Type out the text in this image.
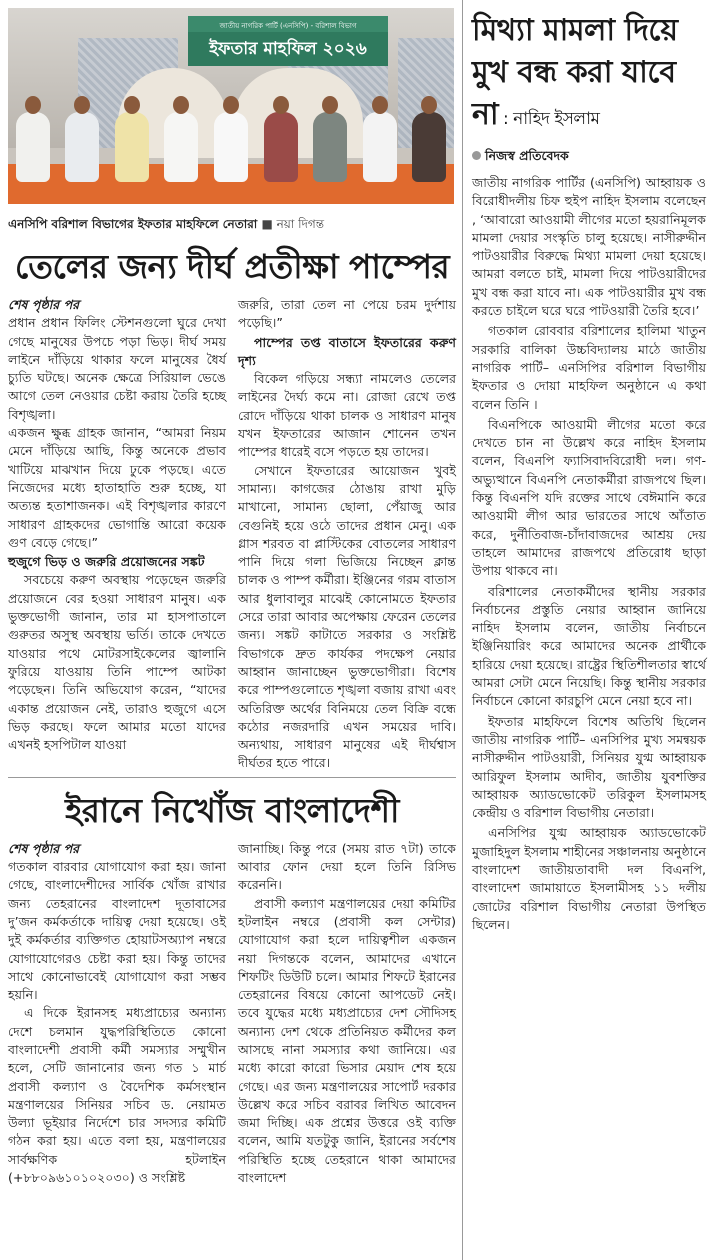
জাতীয় নাগরিক পার্টি (এনসিপি) - বরিশাল বিভাগ
ইফতার মাহফিল ২০২৬
এনসিপি বরিশাল বিভাগের ইফতার মাহফিলে নেতারা ■ নয়া দিগন্ত
তেলের জন্য দীর্ঘ প্রতীক্ষা পাম্পের

শেষ পৃষ্ঠার পর

প্রধান প্রধান ফিলিং স্টেশনগুলো ঘুরে দেখা গেছে মানুষের উপচে পড়া ভিড়। দীর্ঘ সময় লাইনে দাঁড়িয়ে থাকার ফলে মানুষের ধৈর্য চ্যুতি ঘটছে। অনেক ক্ষেত্রে সিরিয়াল ভেঙে আগে তেল নেওয়ার চেষ্টা করায় তৈরি হচ্ছে বিশৃঙ্খলা।

একজন ক্ষুব্ধ গ্রাহক জানান, “আমরা নিয়ম মেনে দাঁড়িয়ে আছি, কিন্তু অনেকে প্রভাব খাটিয়ে মাঝখান দিয়ে ঢুকে পড়ছে। এতে নিজেদের মধ্যে হাতাহাতি শুরু হচ্ছে, যা অত্যন্ত হতাশাজনক। এই বিশৃঙ্খলার কারণে সাধারণ গ্রাহকদের ভোগান্তি আরো কয়েক গুণ বেড়ে গেছে।”

হুজুগে ভিড় ও জরুরি প্রয়োজনের সঙ্কট

সবচেয়ে করুণ অবস্থায় পড়েছেন জরুরি প্রয়োজনে বের হওয়া সাধারণ মানুষ। এক ভুক্তভোগী জানান, তার মা হাসপাতালে গুরুতর অসুস্থ অবস্থায় ভর্তি। তাকে দেখতে যাওয়ার পথে মোটরসাইকেলের জ্বালানি ফুরিয়ে যাওয়ায় তিনি পাম্পে আটকা পড়েছেন। তিনি অভিযোগ করেন, “যাদের একান্ত প্রয়োজন নেই, তারাও হুজুগে এসে ভিড় করছে। ফলে আমার মতো যাদের এখনই হসপিটাল যাওয়া

জরুরি, তারা তেল না পেয়ে চরম দুর্দশায় পড়েছি।”

পাম্পের তপ্ত বাতাসে ইফতারের করুণ দৃশ্য

বিকেল গড়িয়ে সন্ধ্যা নামলেও তেলের লাইনের দৈর্ঘ্য কমে না। রোজা রেখে তপ্ত রোদে দাঁড়িয়ে থাকা চালক ও সাধারণ মানুষ যখন ইফতারের আজান শোনেন তখন পাম্পের ধারেই বসে পড়তে হয় তাদের।

সেখানে ইফতারের আয়োজন খুবই সামান্য। কাগজের ঠোঙায় রাখা মুড়ি মাখানো, সামান্য ছোলা, পেঁয়াজু আর বেগুনিই হয়ে ওঠে তাদের প্রধান মেনু। এক গ্লাস শরবত বা প্লাস্টিকের বোতলের সাধারণ পানি দিয়ে গলা ভিজিয়ে নিচ্ছেন ক্লান্ত চালক ও পাম্প কর্মীরা। ইঞ্জিনের গরম বাতাস আর ধুলাবালুর মাঝেই কোনোমতে ইফতার সেরে তারা আবার অপেক্ষায় ফেরেন তেলের জন্য। সঙ্কট কাটাতে সরকার ও সংশ্লিষ্ট বিভাগকে দ্রুত কার্যকর পদক্ষেপ নেয়ার আহ্বান জানাচ্ছেন ভুক্তভোগীরা। বিশেষ করে পাম্পগুলোতে শৃঙ্খলা বজায় রাখা এবং অতিরিক্ত অর্থের বিনিময়ে তেল বিক্রি বন্ধে কঠোর নজরদারি এখন সময়ের দাবি। অন্যথায়, সাধারণ মানুষের এই দীর্ঘশ্বাস দীর্ঘতর হতে পারে।

ইরানে নিখোঁজ বাংলাদেশী

শেষ পৃষ্ঠার পর

গতকাল বারবার যোগাযোগ করা হয়। জানা গেছে, বাংলাদেশীদের সার্বিক খোঁজ রাখার জন্য তেহরানের বাংলাদেশ দূতাবাসের দু’জন কর্মকর্তাকে দায়িত্ব দেয়া হয়েছে। ওই দুই কর্মকর্তার ব্যক্তিগত হোয়াটসঅ্যাপ নম্বরে যোগাযোগেরও চেষ্টা করা হয়। কিন্তু তাদের সাথে কোনোভাবেই যোগাযোগ করা সম্ভব হয়নি।

এ দিকে ইরানসহ মধ্যপ্রাচ্যের অন্যান্য দেশে চলমান যুদ্ধপরিস্থিতিতে কোনো বাংলাদেশী প্রবাসী কর্মী সমস্যার সম্মুখীন হলে, সেটি জানানোর জন্য গত ১ মার্চ প্রবাসী কল্যাণ ও বৈদেশিক কর্মসংস্থান মন্ত্রণালয়ের সিনিয়র সচিব ড. নেয়ামত উল্যা ভূইয়ার নির্দেশে চার সদস্যর কমিটি গঠন করা হয়। এতে বলা হয়, মন্ত্রণালয়ের সার্বক্ষণিক হটলাইন (+৮৮০৯৬১০১০২০৩০) ও সংশ্লিষ্ট

জানাচ্ছি। কিন্তু পরে (সময় রাত ৭টা) তাকে আবার ফোন দেয়া হলে তিনি রিসিভ করেননি।

প্রবাসী কল্যাণ মন্ত্রণালয়ের দেয়া কমিটির হটলাইন নম্বরে (প্রবাসী কল সেন্টার) যোগাযোগ করা হলে দায়িত্বশীল একজন নয়া দিগন্তকে বলেন, আমাদের এখানে শিফটিং ডিউটি চলে। আমার শিফটে ইরানের তেহরানের বিষয়ে কোনো আপডেট নেই। তবে যুদ্ধের মধ্যে মধ্যপ্রাচ্যের দেশ সৌদিসহ অন্যান্য দেশ থেকে প্রতিনিয়ত কর্মীদের কল আসছে নানা সমস্যার কথা জানিয়ে। এর মধ্যে কারো কারো ভিসার মেয়াদ শেষ হয়ে গেছে। এর জন্য মন্ত্রণালয়ের সাপোর্ট দরকার উল্লেখ করে সচিব বরাবর লিখিত আবেদন জমা দিচ্ছি। এক প্রশ্নের উত্তরে ওই ব্যক্তি বলেন, আমি যতটুকু জানি, ইরানের সর্বশেষ পরিস্থিতি হচ্ছে তেহরানে থাকা আমাদের বাংলাদেশ

মিথ্যা মামলা দিয়ে মুখ বন্ধ করা যাবে না : নাহিদ ইসলাম
নিজস্ব প্রতিবেদক

জাতীয় নাগরিক পার্টির (এনসিপি) আহ্বায়ক ও বিরোধীদলীয় চিফ হুইপ নাহিদ ইসলাম বলেছেন , ‘আবারো আওয়ামী লীগের মতো হয়রানিমূলক মামলা দেয়ার সংস্কৃতি চালু হয়েছে। নাসীরুদ্দীন পাটওয়ারীর বিরুদ্ধে মিথ্যা মামলা দেয়া হয়েছে। আমরা বলতে চাই, মামলা দিয়ে পাটওয়ারীদের মুখ বন্ধ করা যাবে না। এক পাটওয়ারীর মুখ বন্ধ করতে চাইলে ঘরে ঘরে পাটওয়ারী তৈরি হবে।’

গতকাল রোববার বরিশালের হালিমা খাতুন সরকারি বালিকা উচ্চবিদ্যালয় মাঠে জাতীয় নাগরিক পার্টি– এনসিপির বরিশাল বিভাগীয় ইফতার ও দোয়া মাহফিল অনুষ্ঠানে এ কথা বলেন তিনি ।

বিএনপিকে আওয়ামী লীগের মতো করে দেখতে চান না উল্লেখ করে নাহিদ ইসলাম বলেন, বিএনপি ফ্যাসিবাদবিরোধী দল। গণ-অভ্যুত্থানে বিএনপি নেতাকর্মীরা রাজপথে ছিল। কিন্তু বিএনপি যদি রক্তের সাথে বেঈমানি করে আওয়ামী লীগ আর ভারতের সাথে আঁতাত করে, দুর্নীতিবাজ-চাঁদাবাজদের আশ্রয় দেয় তাহলে আমাদের রাজপথে প্রতিরোধ ছাড়া উপায় থাকবে না।

বরিশালের নেতাকর্মীদের স্থানীয় সরকার নির্বাচনের প্রস্তুতি নেয়ার আহ্বান জানিয়ে নাহিদ ইসলাম বলেন, জাতীয় নির্বাচনে ইঞ্জিনিয়ারিং করে আমাদের অনেক প্রার্থীকে হারিয়ে দেয়া হয়েছে। রাষ্ট্রের স্থিতিশীলতার স্বার্থে আমরা সেটা মেনে নিয়েছি। কিন্তু স্থানীয় সরকার নির্বাচনে কোনো কারচুপি মেনে নেয়া হবে না।

ইফতার মাহফিলে বিশেষ অতিথি ছিলেন জাতীয় নাগরিক পার্টি– এনসিপির মুখ্য সমন্বয়ক নাসীরুদ্দীন পাটওয়ারী, সিনিয়র যুগ্ম আহ্বায়ক আরিফুল ইসলাম আদীব, জাতীয় যুবশক্তির আহ্বায়ক অ্যাডভোকেট তরিকুল ইসলামসহ কেন্দ্রীয় ও বরিশাল বিভাগীয় নেতারা।

এনসিপির যুগ্ম আহ্বায়ক অ্যাডভোকেট মুজাহিদুল ইসলাম শাহীনের সঞ্চালনায় অনুষ্ঠানে বাংলাদেশ জাতীয়তাবাদী দল বিএনপি, বাংলাদেশ জামায়াতে ইসলামীসহ ১১ দলীয় জোটের বরিশাল বিভাগীয় নেতারা উপস্থিত ছিলেন।
